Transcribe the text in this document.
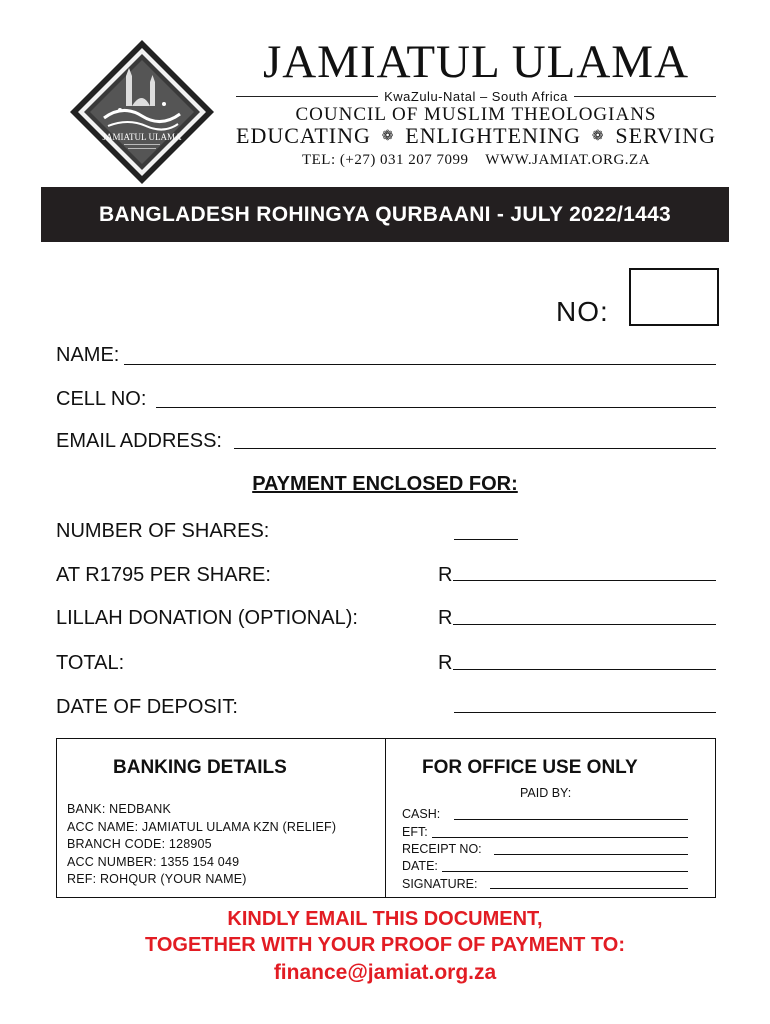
JAMIATUL ULAMA
JAMIATUL ULAMA
KwaZulu-Natal – South Africa
COUNCIL OF MUSLIM THEOLOGIANS
EDUCATING ❁ ENLIGHTENING ❁ SERVING
TEL: (+27) 031 207 7099    WWW.JAMIAT.ORG.ZA
BANGLADESH ROHINGYA QURBAANI - JULY 2022/1443
NO:
NAME:
CELL NO:
EMAIL ADDRESS:
PAYMENT ENCLOSED FOR:
NUMBER OF SHARES:
AT R1795 PER SHARE:	R
LILLAH DONATION (OPTIONAL):	R
TOTAL:	R
DATE OF DEPOSIT:
BANKING DETAILS
BANK: NEDBANK
ACC NAME: JAMIATUL ULAMA KZN (RELIEF)
BRANCH CODE: 128905
ACC NUMBER: 1355 154 049
REF: ROHQUR (YOUR NAME)
FOR OFFICE USE ONLY
PAID BY:
CASH:
EFT:
RECEIPT NO:
DATE:
SIGNATURE:
KINDLY EMAIL THIS DOCUMENT,
TOGETHER WITH YOUR PROOF OF PAYMENT TO:
finance@jamiat.org.za
